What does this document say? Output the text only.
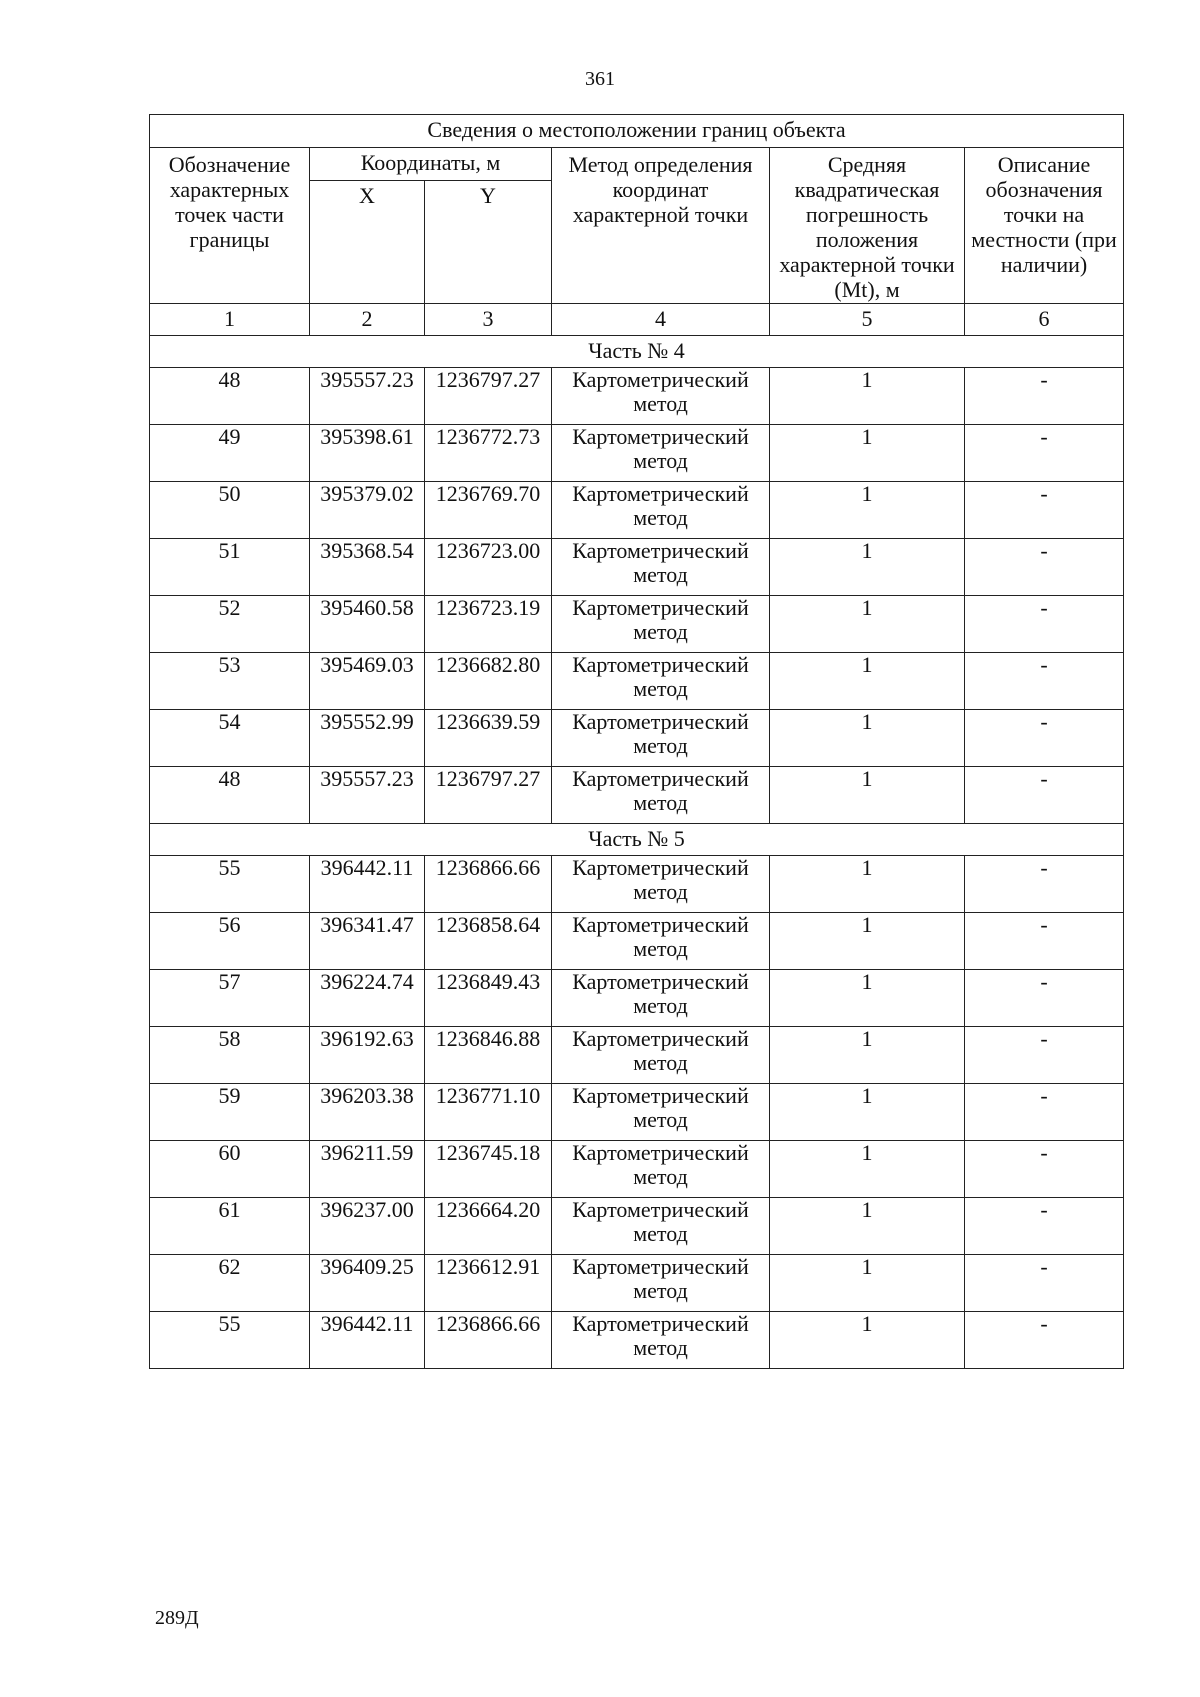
361
Сведения о местоположении границ объекта					
Обозначение характерных точек части границы	Координаты, м		Метод определения координат характерной точки	Средняя квадратическая погрешность положения характерной точки (Mt), м	Описание обозначения точки на местности (при наличии)
	X	Y			
1	2	3	4	5	6
Часть № 4					
48	395557.23	1236797.27	Картометрический метод	1	-
49	395398.61	1236772.73	Картометрический метод	1	-
50	395379.02	1236769.70	Картометрический метод	1	-
51	395368.54	1236723.00	Картометрический метод	1	-
52	395460.58	1236723.19	Картометрический метод	1	-
53	395469.03	1236682.80	Картометрический метод	1	-
54	395552.99	1236639.59	Картометрический метод	1	-
48	395557.23	1236797.27	Картометрический метод	1	-
Часть № 5					
55	396442.11	1236866.66	Картометрический метод	1	-
56	396341.47	1236858.64	Картометрический метод	1	-
57	396224.74	1236849.43	Картометрический метод	1	-
58	396192.63	1236846.88	Картометрический метод	1	-
59	396203.38	1236771.10	Картометрический метод	1	-
60	396211.59	1236745.18	Картометрический метод	1	-
61	396237.00	1236664.20	Картометрический метод	1	-
62	396409.25	1236612.91	Картометрический метод	1	-
55	396442.11	1236866.66	Картометрический метод	1	-
289Д
